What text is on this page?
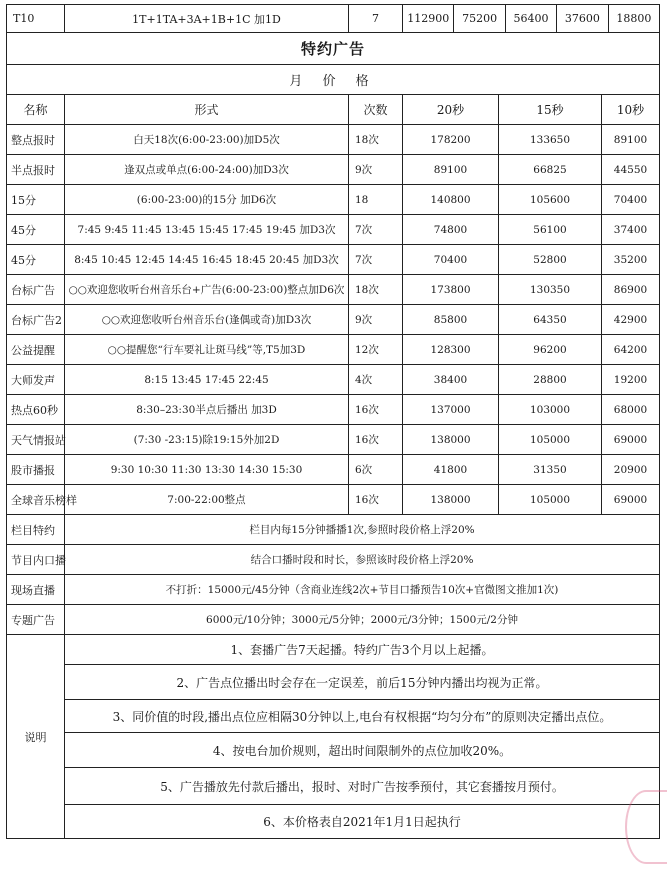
T10	1T+1TA+3A+1B+1C 加1D	7	112900 75200 56400 37600 18800		

特约广告					
月 价 格					
名称	形式	次数	20秒	15秒	10秒
整点报时	白天18次(6:00-23:00)加D5次	18次	178200	133650	89100
半点报时	逢双点或单点(6:00-24:00)加D3次	9次	89100	66825	44550
15分	(6:00-23:00)的15分 加D6次	18	140800	105600	70400
45分	7:45 9:45 11:45 13:45 15:45 17:45 19:45 加D3次	7次	74800	56100	37400
45分	8:45 10:45 12:45 14:45 16:45 18:45 20:45 加D3次	7次	70400	52800	35200
台标广告	○○欢迎您收听台州音乐台+广告(6:00-23:00)整点加D6次	18次	173800	130350	86900
台标广告2	○○欢迎您收听台州音乐台(逢偶或奇)加D3次	9次	85800	64350	42900
公益提醒	○○提醒您“行车要礼让斑马线”等,T5加3D	12次	128300	96200	64200
大师发声	8:15 13:45 17:45 22:45	4次	38400	28800	19200
热点60秒	8:30–23:30半点后播出 加3D	16次	137000	103000	68000
天气情报站	(7:30 -23:15)除19:15外加2D	16次	138000	105000	69000
股市播报	9:30 10:30 11:30 13:30 14:30 15:30	6次	41800	31350	20900
全球音乐榜样	7:00-22:00整点	16次	138000	105000	69000
栏目特约	栏目内每15分钟播播1次,参照时段价格上浮20%				
节目内口播	结合口播时段和时长，参照该时段价格上浮20%				
现场直播	不打折：15000元/45分钟（含商业连线2次+节目口播预告10次+官微图文推加1次)				
专题广告	6000元/10分钟；3000元/5分钟；2000元/3分钟；1500元/2分钟				
说明	1、套播广告7天起播。特约广告3个月以上起播。				
	2、广告点位播出时会存在一定误差，前后15分钟内播出均视为正常。				
	3、同价值的时段,播出点位应相隔30分钟以上,电台有权根据“均匀分布”的原则决定播出点位。				
	4、按电台加价规则，超出时间限制外的点位加收20%。				
	5、广告播放先付款后播出，报时、对时广告按季预付，其它套播按月预付。				
	6、本价格表自2021年1月1日起执行				
